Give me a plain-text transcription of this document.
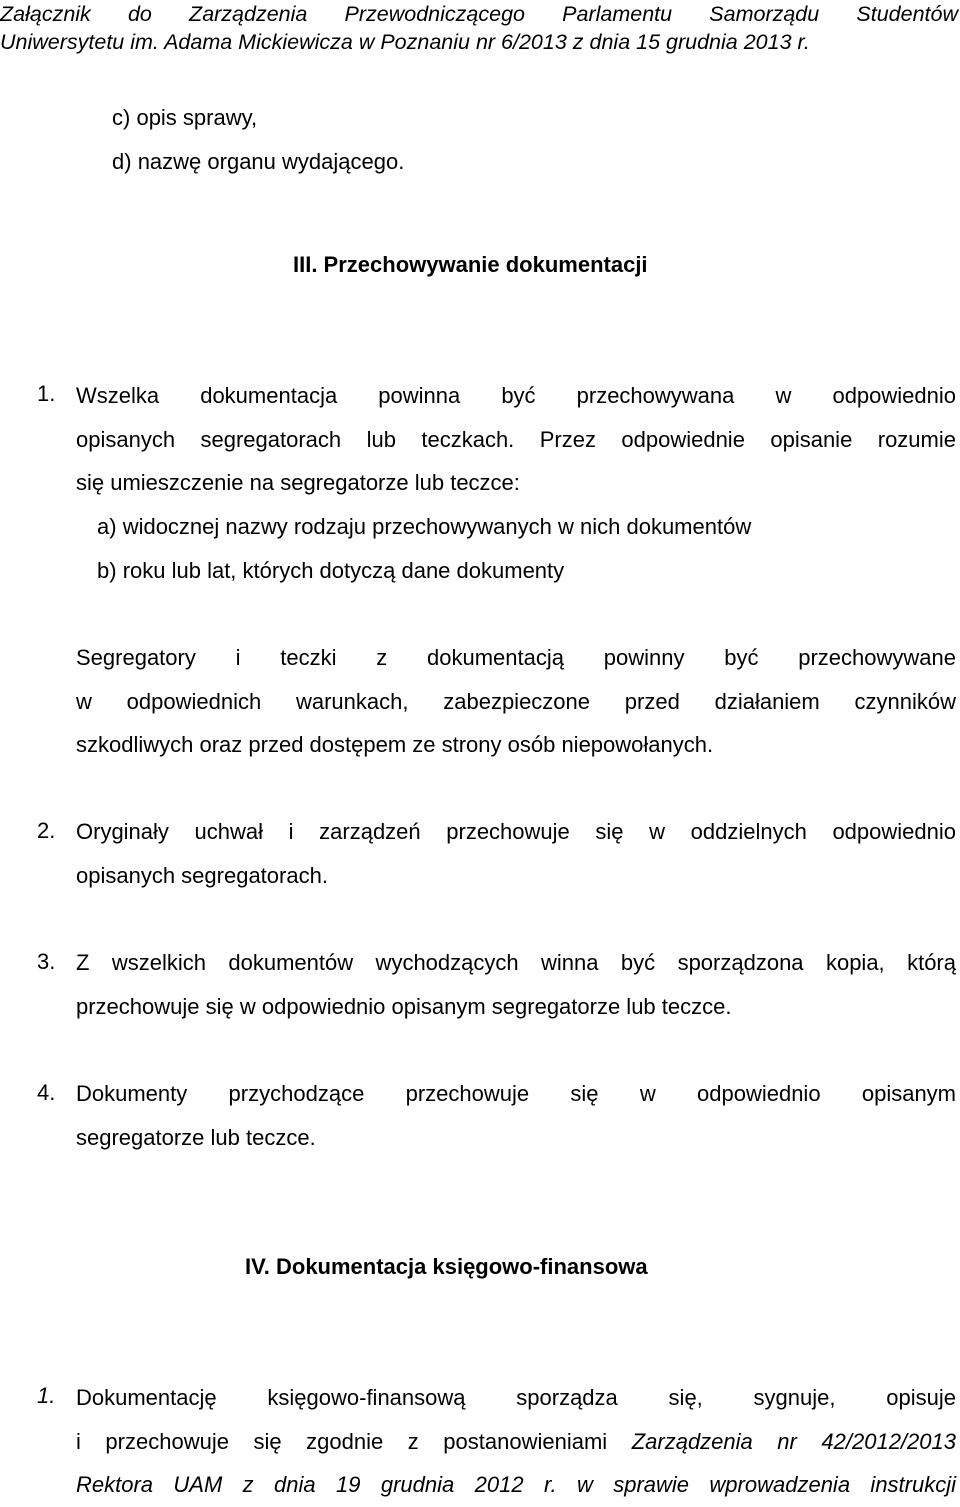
Załącznik do Zarządzenia Przewodniczącego Parlamentu Samorządu Studentów
Uniwersytetu im. Adama Mickiewicza w Poznaniu nr 6/2013 z dnia 15 grudnia 2013 r.
c) opis sprawy,
d) nazwę organu wydającego.
III. Przechowywanie dokumentacji
1. Wszelka dokumentacja powinna być przechowywana w odpowiednio
opisanych segregatorach lub teczkach. Przez odpowiednie opisanie rozumie
się umieszczenie na segregatorze lub teczce:
a) widocznej nazwy rodzaju przechowywanych w nich dokumentów
b) roku lub lat, których dotyczą dane dokumenty
Segregatory i teczki z dokumentacją powinny być przechowywane
w odpowiednich warunkach, zabezpieczone przed działaniem czynników
szkodliwych oraz przed dostępem ze strony osób niepowołanych.
2. Oryginały uchwał i zarządzeń przechowuje się w oddzielnych odpowiednio
opisanych segregatorach.
3. Z wszelkich dokumentów wychodzących winna być sporządzona kopia, którą
przechowuje się w odpowiednio opisanym segregatorze lub teczce.
4. Dokumenty przychodzące przechowuje się w odpowiednio opisanym
segregatorze lub teczce.
IV. Dokumentacja księgowo-finansowa
1. Dokumentację księgowo-finansową sporządza się, sygnuje, opisuje
i przechowuje się zgodnie z postanowieniami Zarządzenia nr 42/2012/2013
Rektora UAM z dnia 19 grudnia 2012 r. w sprawie wprowadzenia instrukcji
